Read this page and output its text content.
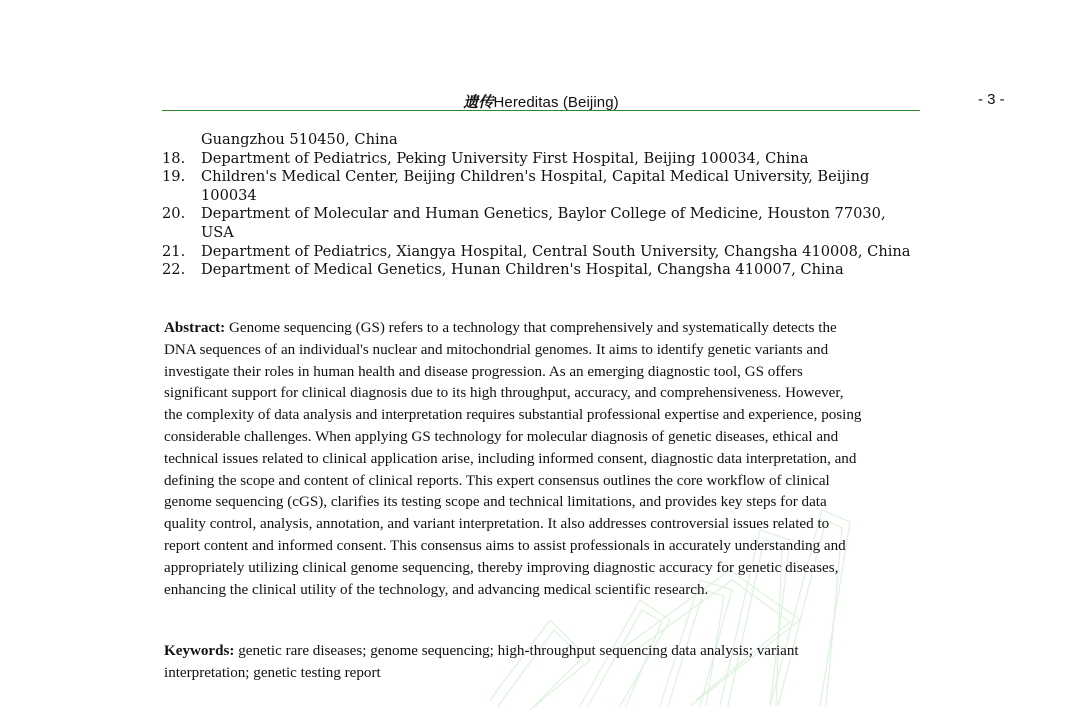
遗传Hereditas (Beijing)	- 3 -
Guangzhou 510450, China
18. Department of Pediatrics, Peking University First Hospital, Beijing 100034, China
19. Children's Medical Center, Beijing Children's Hospital, Capital Medical University, Beijing 100034
20. Department of Molecular and Human Genetics, Baylor College of Medicine, Houston 77030, USA
21. Department of Pediatrics, Xiangya Hospital, Central South University, Changsha 410008, China
22. Department of Medical Genetics, Hunan Children's Hospital, Changsha 410007, China

Abstract: Genome sequencing (GS) refers to a technology that comprehensively and systematically detects the DNA sequences of an individual's nuclear and mitochondrial genomes. It aims to identify genetic variants and investigate their roles in human health and disease progression. As an emerging diagnostic tool, GS offers significant support for clinical diagnosis due to its high throughput, accuracy, and comprehensiveness. However, the complexity of data analysis and interpretation requires substantial professional expertise and experience, posing considerable challenges. When applying GS technology for molecular diagnosis of genetic diseases, ethical and technical issues related to clinical application arise, including informed consent, diagnostic data interpretation, and defining the scope and content of clinical reports. This expert consensus outlines the core workflow of clinical genome sequencing (cGS), clarifies its testing scope and technical limitations, and provides key steps for data quality control, analysis, annotation, and variant interpretation. It also addresses controversial issues related to report content and informed consent. This consensus aims to assist professionals in accurately understanding and appropriately utilizing clinical genome sequencing, thereby improving diagnostic accuracy for genetic diseases, enhancing the clinical utility of the technology, and advancing medical scientific research.

Keywords: genetic rare diseases; genome sequencing; high-throughput sequencing data analysis; variant interpretation; genetic testing report
